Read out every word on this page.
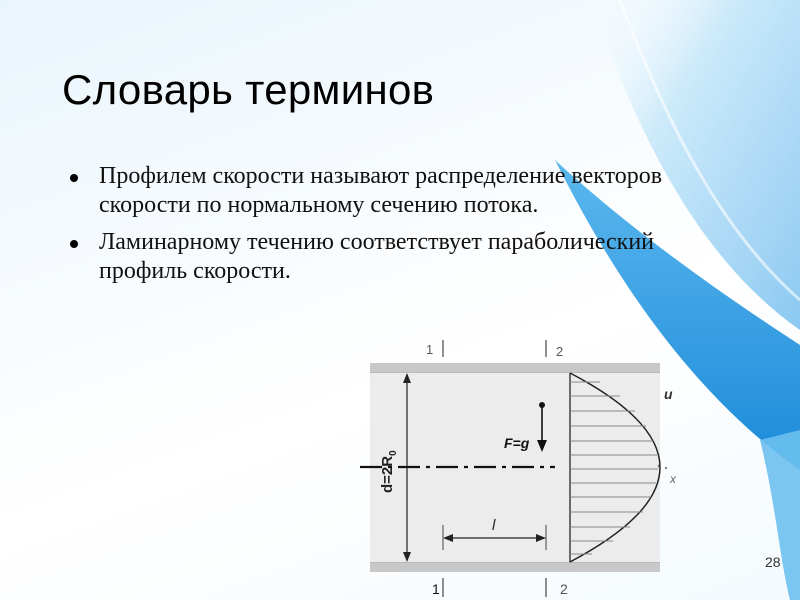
Словарь терминов
Профилем скорости называют распределение векторов скорости по нормальному сечению потока.
Ламинарному течению соответствует параболический профиль скорости.
1	2
1	2
$d=2R_0$
x
F=g
l
u
28
